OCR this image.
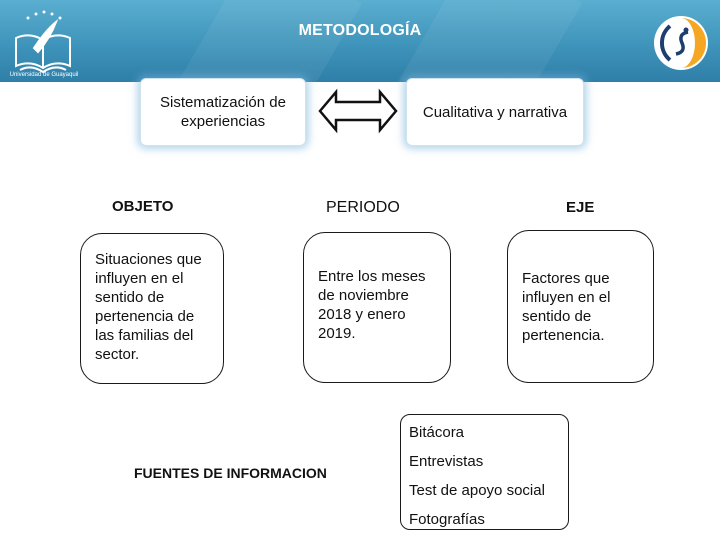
METODOLOGÍA
Universidad de Guayaquil
Sistematización de experiencias
Cualitativa y narrativa
OBJETO	PERIODO	EJE
Situaciones que influyen en el sentido de pertenencia de las familias del sector.
Entre los meses de noviembre 2018 y enero 2019.
Factores que influyen en el sentido de pertenencia.
FUENTES DE INFORMACION
Bitácora
Entrevistas
Test de apoyo social
Fotografías
